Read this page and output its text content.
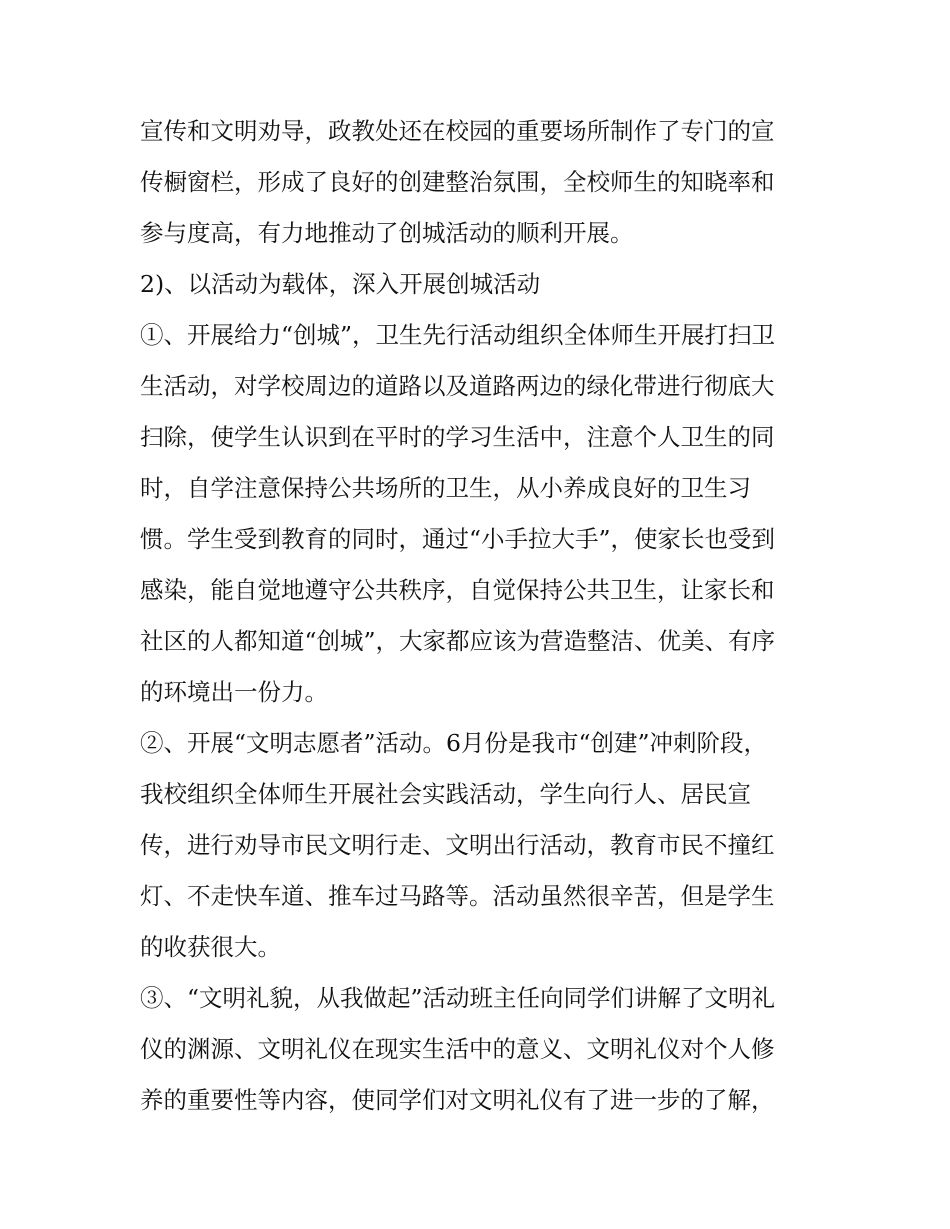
宣传和文明劝导，政教处还在校园的重要场所制作了专门的宣
传橱窗栏，形成了良好的创建整治氛围，全校师生的知晓率和
参与度高，有力地推动了创城活动的顺利开展。
2)、以活动为载体，深入开展创城活动
①、开展给力“创城”，卫生先行活动组织全体师生开展打扫卫
生活动，对学校周边的道路以及道路两边的绿化带进行彻底大
扫除，使学生认识到在平时的学习生活中，注意个人卫生的同
时，自学注意保持公共场所的卫生，从小养成良好的卫生习
惯。学生受到教育的同时，通过“小手拉大手”，使家长也受到
感染，能自觉地遵守公共秩序，自觉保持公共卫生，让家长和
社区的人都知道“创城”，大家都应该为营造整洁、优美、有序
的环境出一份力。
②、开展“文明志愿者”活动。6月份是我市“创建”冲刺阶段，
我校组织全体师生开展社会实践活动，学生向行人、居民宣
传，进行劝导市民文明行走、文明出行活动，教育市民不撞红
灯、不走快车道、推车过马路等。活动虽然很辛苦，但是学生
的收获很大。
③、“文明礼貌，从我做起”活动班主任向同学们讲解了文明礼
仪的渊源、文明礼仪在现实生活中的意义、文明礼仪对个人修
养的重要性等内容，使同学们对文明礼仪有了进一步的了解，
